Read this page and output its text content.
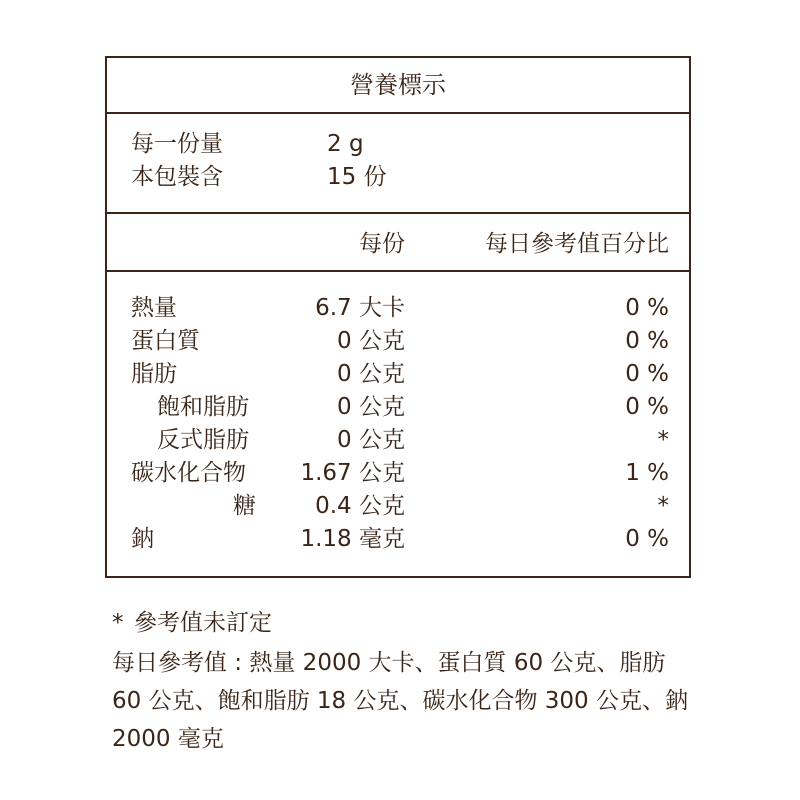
營養標示
每一份量	2 g
本包裝含	15 份
每份	每日參考值百分比
熱量	6.7 大卡	0 %
蛋白質	0 公克	0 %
脂肪	0 公克	0 %
飽和脂肪	0 公克	0 %
反式脂肪	0 公克	*
碳水化合物 1.67 公克	1 %
糖	0.4 公克	*
鈉	1.18 毫克	0 %
* 參考值未訂定
每日參考值 : 熱量 2000 大卡、蛋白質 60 公克、脂肪 60 公克、飽和脂肪 18 公克、碳水化合物 300 公克、鈉 2000 毫克
